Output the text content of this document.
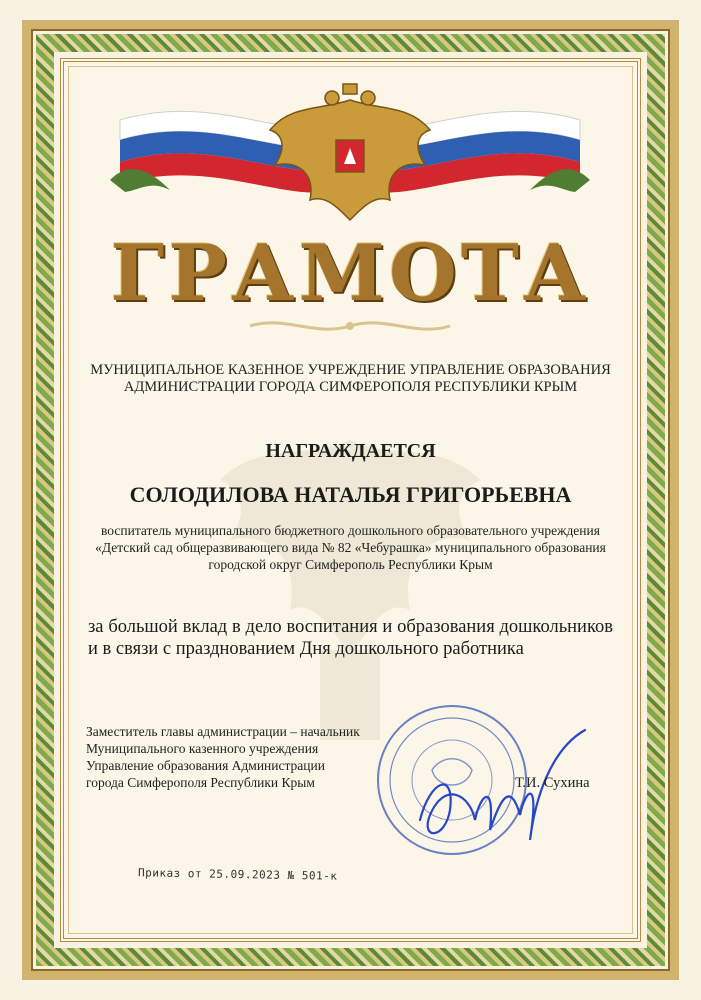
ГРАМОТА
МУНИЦИПАЛЬНОЕ КАЗЕННОЕ УЧРЕЖДЕНИЕ УПРАВЛЕНИЕ ОБРАЗОВАНИЯ АДМИНИСТРАЦИИ ГОРОДА СИМФЕРОПОЛЯ РЕСПУБЛИКИ КРЫМ
НАГРАЖДАЕТСЯ
СОЛОДИЛОВА НАТАЛЬЯ ГРИГОРЬЕВНА
воспитатель муниципального бюджетного дошкольного образовательного учреждения «Детский сад общеразвивающего вида № 82 «Чебурашка» муниципального образования городской округ Симферополь Республики Крым
за большой вклад в дело воспитания и образования дошкольников и в связи с празднованием Дня дошкольного работника
Заместитель главы администрации – начальник
Муниципального казенного учреждения
Управление образования Администрации
города Симферополя Республики Крым	Т.И. Сухина
Приказ от 25.09.2023 № 501-к
